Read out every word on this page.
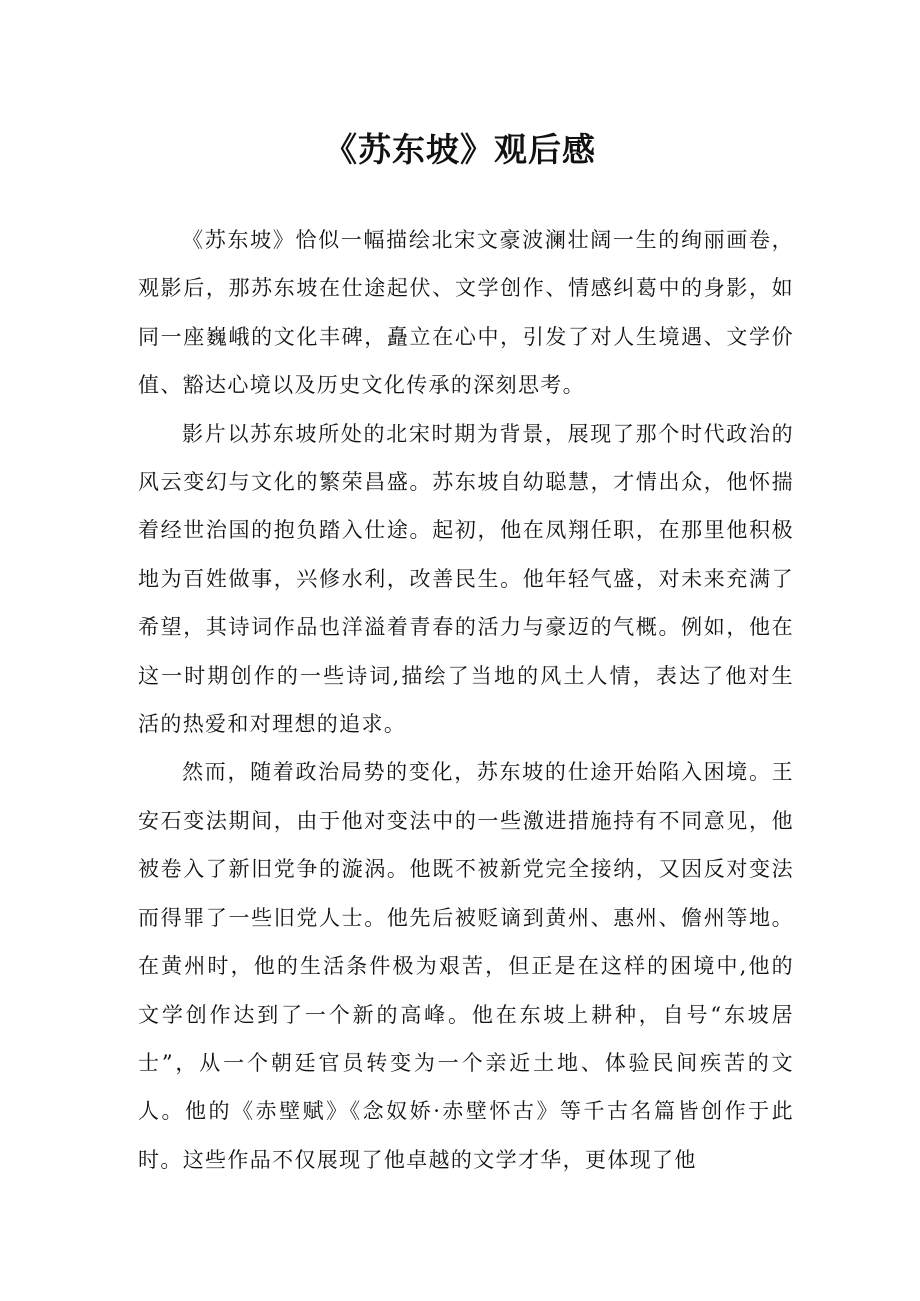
《苏东坡》观后感

《苏东坡》恰似一幅描绘北宋文豪波澜壮阔一生的绚丽画卷，观影后，那苏东坡在仕途起伏、文学创作、情感纠葛中的身影，如同一座巍峨的文化丰碑，矗立在心中，引发了对人生境遇、文学价值、豁达心境以及历史文化传承的深刻思考。

影片以苏东坡所处的北宋时期为背景，展现了那个时代政治的风云变幻与文化的繁荣昌盛。苏东坡自幼聪慧，才情出众，他怀揣着经世治国的抱负踏入仕途。起初，他在凤翔任职，在那里他积极地为百姓做事，兴修水利，改善民生。他年轻气盛，对未来充满了希望，其诗词作品也洋溢着青春的活力与豪迈的气概。例如，他在这一时期创作的一些诗词,描绘了当地的风土人情，表达了他对生活的热爱和对理想的追求。

然而，随着政治局势的变化，苏东坡的仕途开始陷入困境。王安石变法期间，由于他对变法中的一些激进措施持有不同意见，他被卷入了新旧党争的漩涡。他既不被新党完全接纳，又因反对变法而得罪了一些旧党人士。他先后被贬谪到黄州、惠州、儋州等地。在黄州时，他的生活条件极为艰苦，但正是在这样的困境中,他的文学创作达到了一个新的高峰。他在东坡上耕种，自号“东坡居士”，从一个朝廷官员转变为一个亲近土地、体验民间疾苦的文人。他的《赤壁赋》《念奴娇·赤壁怀古》等千古名篇皆创作于此时。这些作品不仅展现了他卓越的文学才华，更体现了他
